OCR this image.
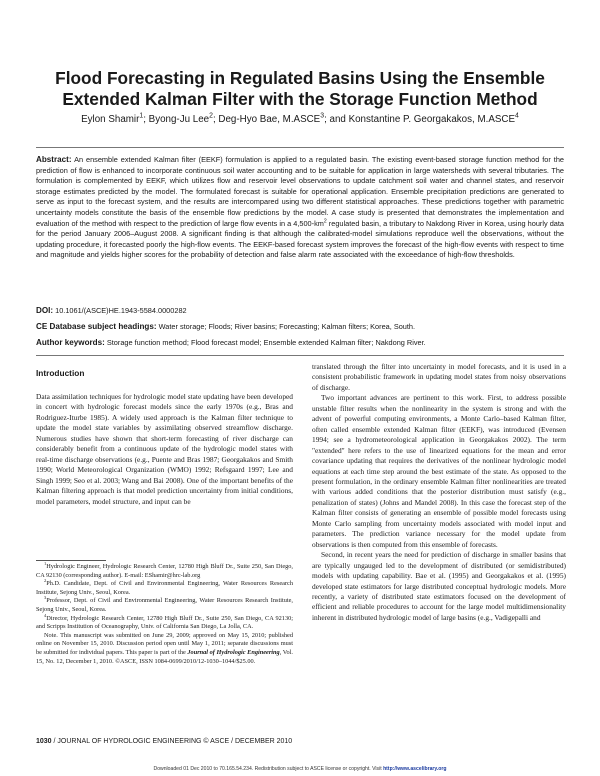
Flood Forecasting in Regulated Basins Using the Ensemble Extended Kalman Filter with the Storage Function Method
Eylon Shamir$^1$; Byong-Ju Lee$^2$; Deg-Hyo Bae, M.ASCE$^3$; and Konstantine P. Georgakakos, M.ASCE$^4$
Abstract: An ensemble extended Kalman filter (EEKF) formulation is applied to a regulated basin. The existing event-based storage function method for the prediction of flow is enhanced to incorporate continuous soil water accounting and to be suitable for application in large watersheds with several tributaries. The formulation is complemented by EEKF, which utilizes flow and reservoir level observations to update catchment soil water and channel states, and reservoir storage estimates predicted by the model. The formulated forecast is suitable for operational application. Ensemble precipitation predictions are generated to serve as input to the forecast system, and the results are intercompared using two different statistical approaches. These predictions together with parametric uncertainty models constitute the basis of the ensemble flow predictions by the model. A case study is presented that demonstrates the implementation and evaluation of the method with respect to the prediction of large flow events in a $4,500-km^2$ regulated basin, a tributary to Nakdong River in Korea, using hourly data for the period January 2006–August 2008. A significant finding is that although the calibrated-model simulations reproduce well the observations, without the updating procedure, it forecasted poorly the high-flow events. The EEKF-based forecast system improves the forecast of the high-flow events with respect to time and magnitude and yields higher scores for the probability of detection and false alarm rate associated with the exceedance of high-flow thresholds.
DOI: 10.1061/(ASCE)HE.1943-5584.0000282
CE Database subject headings: Water storage; Floods; River basins; Forecasting; Kalman filters; Korea, South.
Author keywords: Storage function method; Flood forecast model; Ensemble extended Kalman filter; Nakdong River.
Introduction

Data assimilation techniques for hydrologic model state updating have been developed in concert with hydrologic forecast models since the early 1970s (e.g., Bras and Rodriguez-Iturbe 1985). A widely used approach is the Kalman filter technique to update the model state variables by assimilating observed streamflow discharge. Numerous studies have shown that short-term forecasting of river discharge can considerably benefit from a continuous update of the hydrologic model states with real-time discharge observations (e.g., Puente and Bras 1987; Georgakakos and Smith 1990; World Meteorological Organization (WMO) 1992; Refsgaard 1997; Lee and Singh 1999; Seo et al. 2003; Wang and Bai 2008). One of the important benefits of the Kalman filtering approach is that model prediction uncertainty from initial conditions, model parameters, model structure, and input can be

translated through the filter into uncertainty in model forecasts, and it is used in a consistent probabilistic framework in updating model states from noisy observations of discharge.

Two important advances are pertinent to this work. First, to address possible unstable filter results when the nonlinearity in the system is strong and with the advent of powerful computing environments, a Monte Carlo–based Kalman filter, often called ensemble extended Kalman filter (EEKF), was introduced (Evensen 1994; see a hydrometeorological application in Georgakakos 2002). The term "extended" here refers to the use of linearized equations for the mean and error covariance updating that requires the derivatives of the nonlinear hydrologic model equations at each time step around the best estimate of the state. As opposed to the present formulation, in the ordinary ensemble Kalman filter nonlinearities are treated with various added conditions that the posterior distribution must satisfy (e.g., penalization of states) (Johns and Mandel 2008). In this case the forecast step of the Kalman filter consists of generating an ensemble of possible model forecasts using Monte Carlo sampling from uncertainty models associated with model input and parameters. The prediction variance necessary for the model update from observations is then computed from this ensemble of forecasts.

Second, in recent years the need for prediction of discharge in smaller basins that are typically ungauged led to the development of distributed (or semidistributed) models with updating capability. Bae et al. (1995) and Georgakakos et al. (1995) developed state estimators for large distributed conceptual hydrologic models. More recently, a variety of distributed state estimators focused on the development of efficient and reliable procedures to account for the large model multidimensionality inherent in distributed hydrologic model of large basins (e.g., Vadigepalli and

$^1$Hydrologic Engineer, Hydrologic Research Center, 12780 High Bluff Dr., Suite 250, San Diego, CA 92130 (corresponding author). E-mail: EShamir@hrc-lab.org

$^2$Ph.D. Candidate, Dept. of Civil and Environmental Engineering, Water Resources Research Institute, Sejong Univ., Seoul, Korea.

$^3$Professor, Dept. of Civil and Environmental Engineering, Water Resources Research Institute, Sejong Univ., Seoul, Korea.

$^4$Director, Hydrologic Research Center, 12780 High Bluff Dr., Suite 250, San Diego, CA 92130; and Scripps Institution of Oceanography, Univ. of California San Diego, La Jolla, CA.

Note. This manuscript was submitted on June 29, 2009; approved on May 15, 2010; published online on November 15, 2010. Discussion period open until May 1, 2011; separate discussions must be submitted for individual papers. This paper is part of the Journal of Hydrologic Engineering, Vol. 15, No. 12, December 1, 2010. ©ASCE, ISSN 1084-0699/2010/12-1030–1044/$25.00.

1030 / JOURNAL OF HYDROLOGIC ENGINEERING © ASCE / DECEMBER 2010
Downloaded 01 Dec 2010 to 70.165.54.234. Redistribution subject to ASCE license or copyright. Visit http://www.ascelibrary.org
